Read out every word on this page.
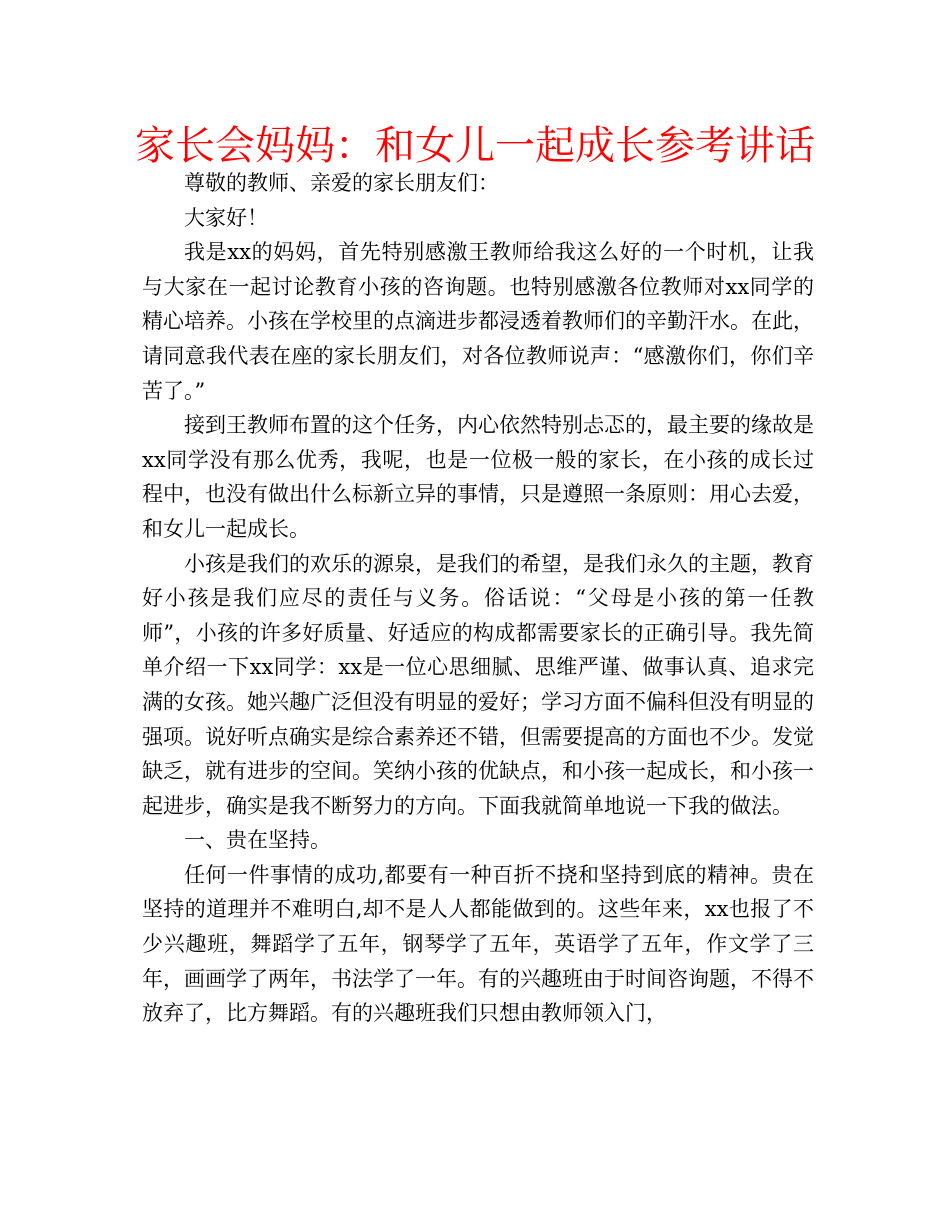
家长会妈妈：和女儿一起成长参考讲话

尊敬的教师、亲爱的家长朋友们：

大家好！

我是xx的妈妈，首先特别感激王教师给我这么好的一个时机，让我与大家在一起讨论教育小孩的咨询题。也特别感激各位教师对xx同学的精心培养。小孩在学校里的点滴进步都浸透着教师们的辛勤汗水。在此，请同意我代表在座的家长朋友们，对各位教师说声：“感激你们，你们辛苦了。”

接到王教师布置的这个任务，内心依然特别忐忑的，最主要的缘故是xx同学没有那么优秀，我呢，也是一位极一般的家长，在小孩的成长过程中，也没有做出什么标新立异的事情，只是遵照一条原则：用心去爱，和女儿一起成长。

小孩是我们的欢乐的源泉，是我们的希望，是我们永久的主题，教育好小孩是我们应尽的责任与义务。俗话说：“父母是小孩的第一任教师”，小孩的许多好质量、好适应的构成都需要家长的正确引导。我先简单介绍一下xx同学：xx是一位心思细腻、思维严谨、做事认真、追求完满的女孩。她兴趣广泛但没有明显的爱好；学习方面不偏科但没有明显的强项。说好听点确实是综合素养还不错，但需要提高的方面也不少。发觉缺乏，就有进步的空间。笑纳小孩的优缺点，和小孩一起成长，和小孩一起进步，确实是我不断努力的方向。下面我就简单地说一下我的做法。

一、贵在坚持。

任何一件事情的成功,都要有一种百折不挠和坚持到底的精神。贵在坚持的道理并不难明白,却不是人人都能做到的。这些年来，xx也报了不少兴趣班，舞蹈学了五年，钢琴学了五年，英语学了五年，作文学了三年，画画学了两年，书法学了一年。有的兴趣班由于时间咨询题，不得不放弃了，比方舞蹈。有的兴趣班我们只想由教师领入门，
